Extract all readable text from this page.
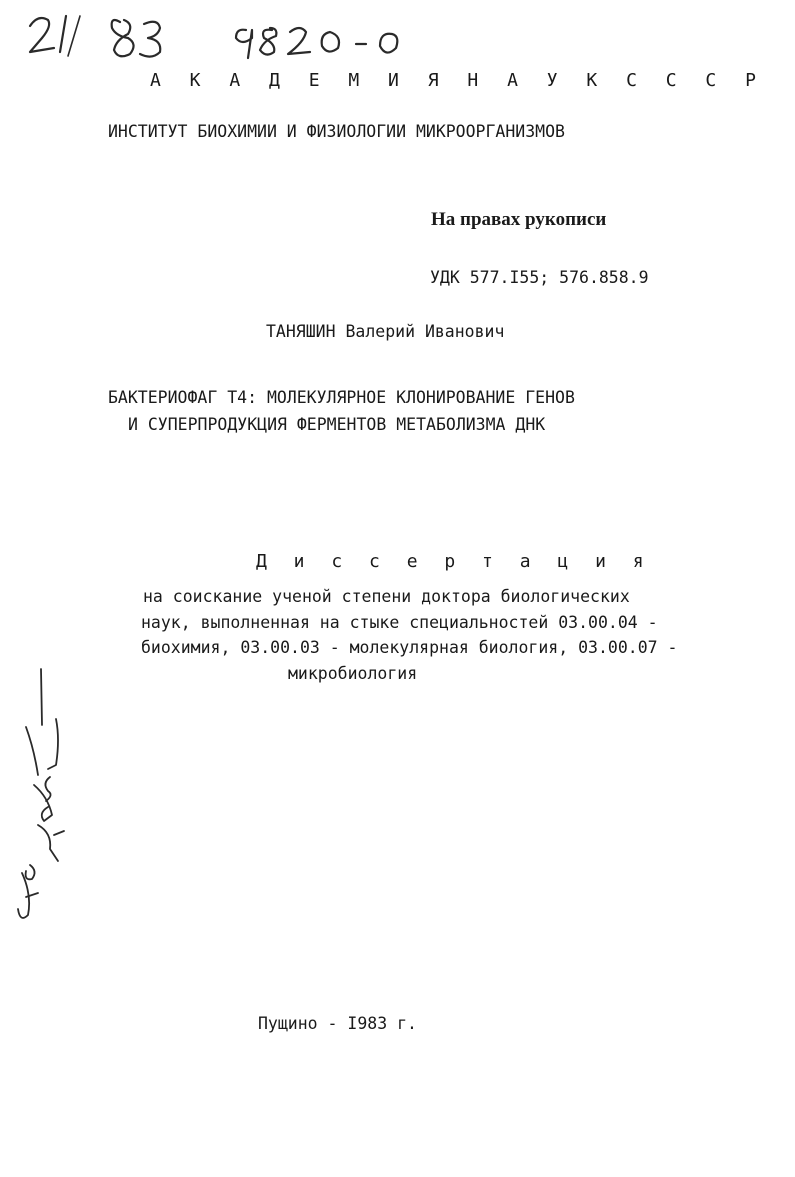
А К А Д Е М И Я Н А У К С С С Р
ИНСТИТУТ БИОХИМИИ И ФИЗИОЛОГИИ МИКРООРГАНИЗМОВ
На правах рукописи
УДК 577.I55; 576.858.9
ТАНЯШИН Валерий Иванович
БАКТЕРИОФАГ Т4: МОЛЕКУЛЯРНОЕ КЛОНИРОВАНИЕ ГЕНОВ
И СУПЕРПРОДУКЦИЯ ФЕРМЕНТОВ МЕТАБОЛИЗМА ДНК
Д и с с е р т а ц и я
на соискание ученой степени доктора биологических
наук, выполненная на стыке специальностей 03.00.04 -
биохимия, 03.00.03 - молекулярная биология, 03.00.07 -
микробиология
Пущино - I983 г.
